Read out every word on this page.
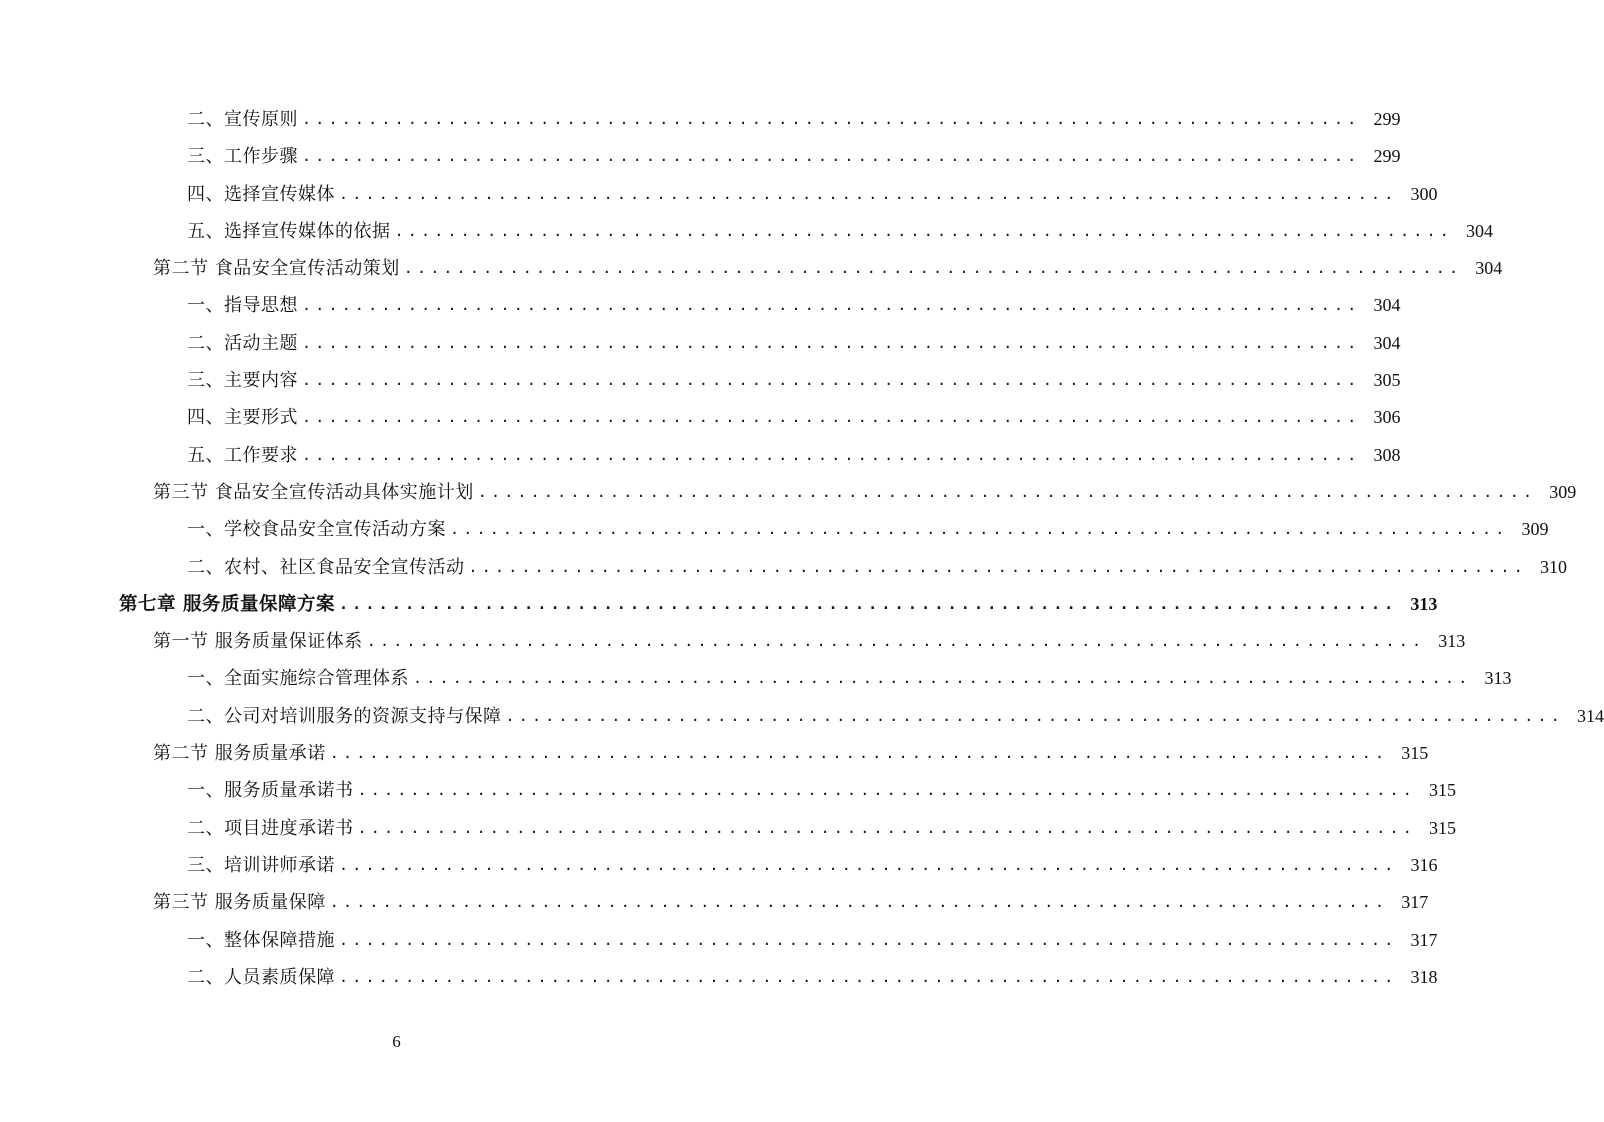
二、宣传原则 ................................................................................ 299
三、工作步骤 ................................................................................ 299
四、选择宣传媒体 ................................................................................ 300
五、选择宣传媒体的依据 ................................................................................ 304
第二节 食品安全宣传活动策划 ................................................................................ 304
一、指导思想 ................................................................................ 304
二、活动主题 ................................................................................ 304
三、主要内容 ................................................................................ 305
四、主要形式 ................................................................................ 306
五、工作要求 ................................................................................ 308
第三节 食品安全宣传活动具体实施计划 ................................................................................ 309
一、学校食品安全宣传活动方案 ................................................................................ 309
二、农村、社区食品安全宣传活动 ................................................................................ 310
第七章 服务质量保障方案 ................................................................................ 313
第一节 服务质量保证体系 ................................................................................ 313
一、全面实施综合管理体系 ................................................................................ 313
二、公司对培训服务的资源支持与保障 ................................................................................ 314
第二节 服务质量承诺 ................................................................................ 315
一、服务质量承诺书 ................................................................................ 315
二、项目进度承诺书 ................................................................................ 315
三、培训讲师承诺 ................................................................................ 316
第三节 服务质量保障 ................................................................................ 317
一、整体保障措施 ................................................................................ 317
二、人员素质保障 ................................................................................ 318
6
